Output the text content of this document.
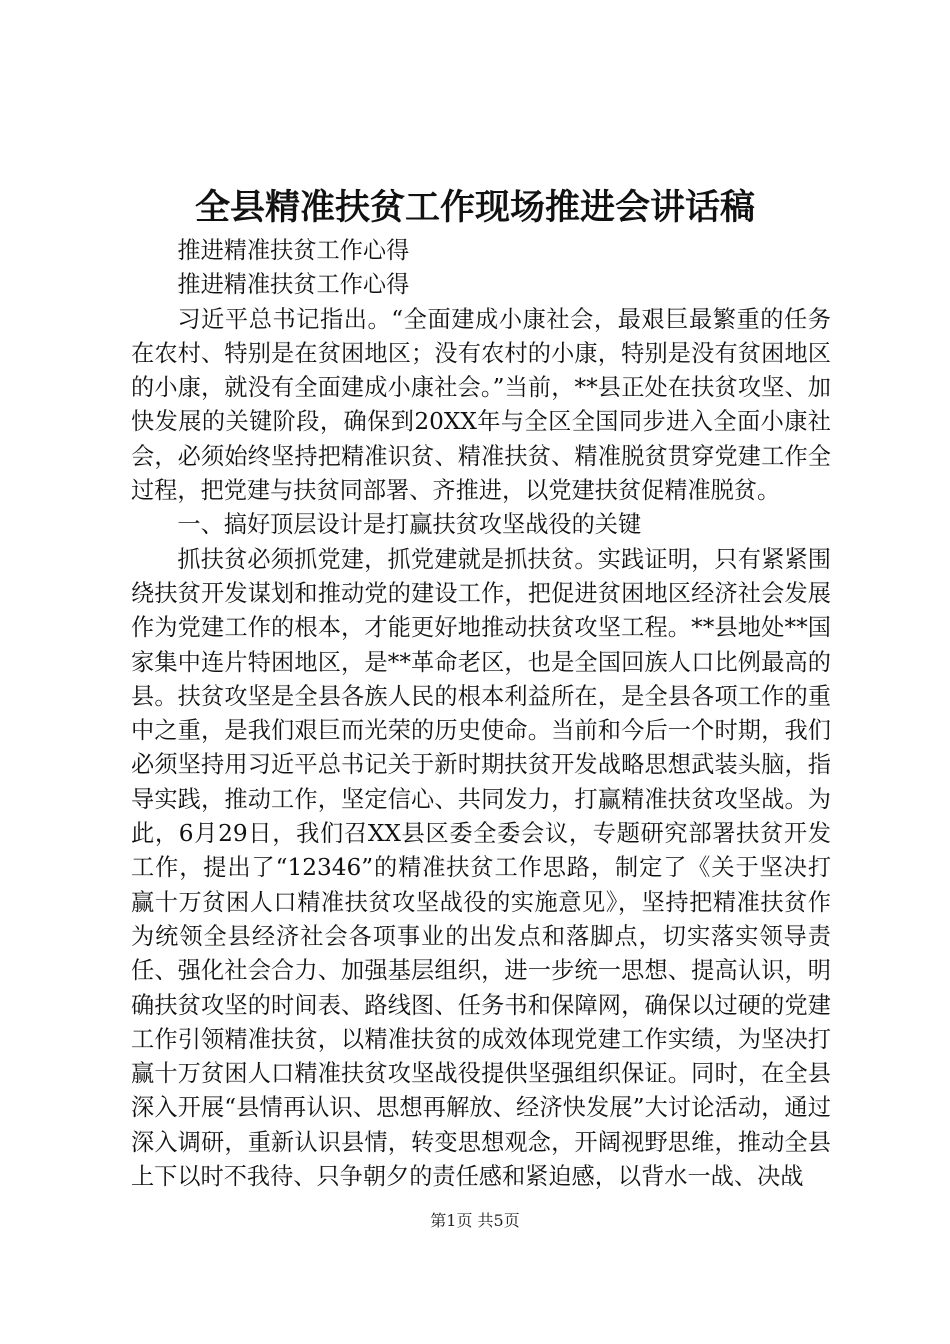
全县精准扶贫工作现场推进会讲话稿

推进精准扶贫工作心得

推进精准扶贫工作心得

习近平总书记指出。“全面建成小康社会，最艰巨最繁重的任务在农村、特别是在贫困地区；没有农村的小康，特别是没有贫困地区的小康，就没有全面建成小康社会。”当前，**县正处在扶贫攻坚、加快发展的关键阶段，确保到20XX年与全区全国同步进入全面小康社会，必须始终坚持把精准识贫、精准扶贫、精准脱贫贯穿党建工作全过程，把党建与扶贫同部署、齐推进，以党建扶贫促精准脱贫。

一、搞好顶层设计是打赢扶贫攻坚战役的关键

抓扶贫必须抓党建，抓党建就是抓扶贫。实践证明，只有紧紧围绕扶贫开发谋划和推动党的建设工作，把促进贫困地区经济社会发展作为党建工作的根本，才能更好地推动扶贫攻坚工程。**县地处**国家集中连片特困地区，是**革命老区，也是全国回族人口比例最高的县。扶贫攻坚是全县各族人民的根本利益所在，是全县各项工作的重中之重，是我们艰巨而光荣的历史使命。当前和今后一个时期，我们必须坚持用习近平总书记关于新时期扶贫开发战略思想武装头脑，指导实践，推动工作，坚定信心、共同发力，打赢精准扶贫攻坚战。为此，6月29日，我们召XX县区委全委会议，专题研究部署扶贫开发工作，提出了“12346”的精准扶贫工作思路，制定了《关于坚决打赢十万贫困人口精准扶贫攻坚战役的实施意见》，坚持把精准扶贫作为统领全县经济社会各项事业的出发点和落脚点，切实落实领导责任、强化社会合力、加强基层组织，进一步统一思想、提高认识，明确扶贫攻坚的时间表、路线图、任务书和保障网，确保以过硬的党建工作引领精准扶贫，以精准扶贫的成效体现党建工作实绩，为坚决打赢十万贫困人口精准扶贫攻坚战役提供坚强组织保证。同时，在全县深入开展“县情再认识、思想再解放、经济快发展”大讨论活动，通过深入调研，重新认识县情，转变思想观念，开阔视野思维，推动全县上下以时不我待、只争朝夕的责任感和紧迫感，以背水一战、决战

第1页 共5页
